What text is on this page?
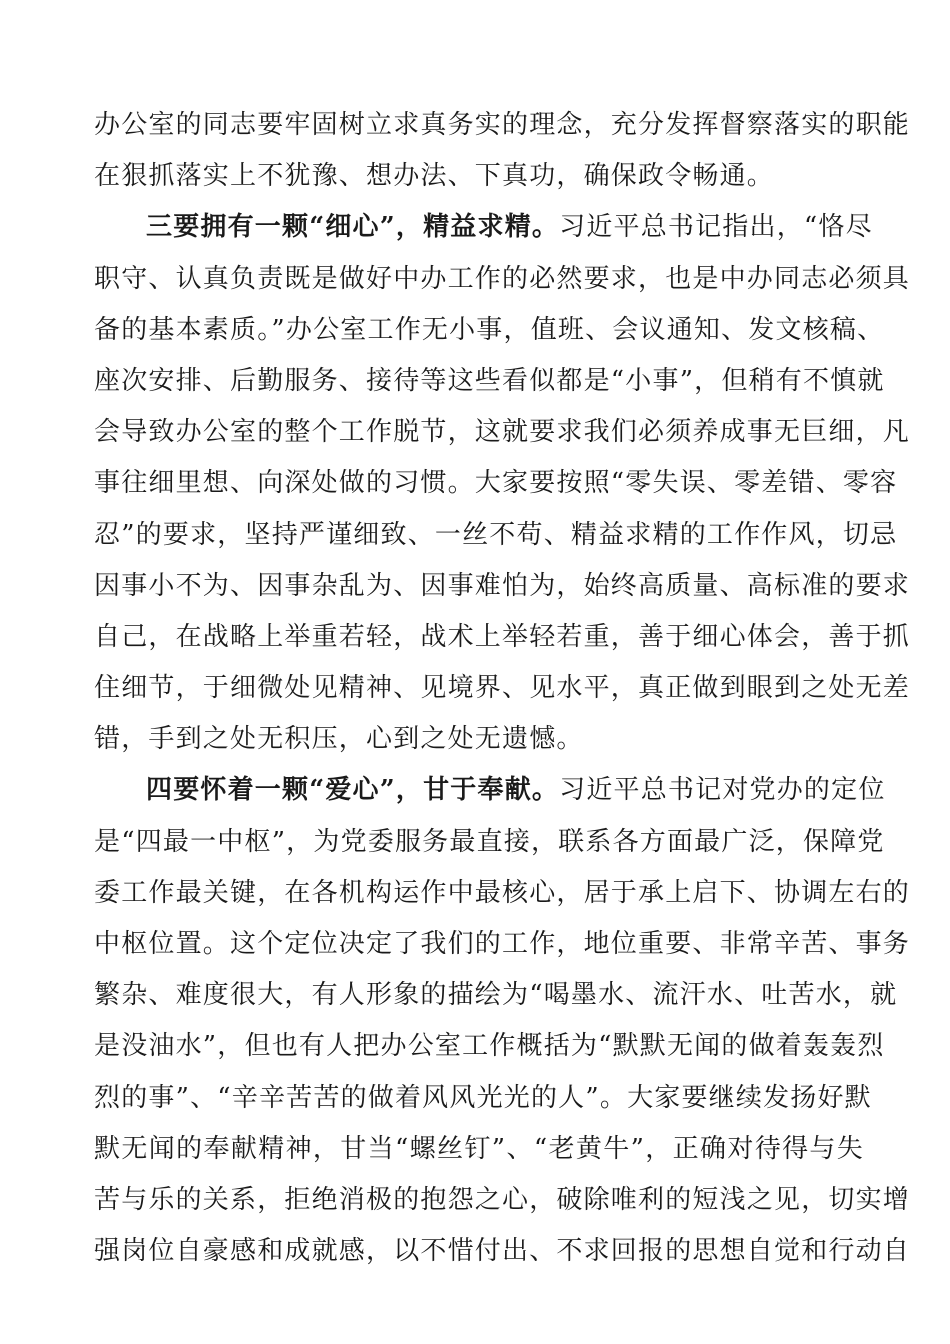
办公室的同志要牢固树立求真务实的理念，充分发挥督察落实的职能

在狠抓落实上不犹豫、想办法、下真功，确保政令畅通。

三要拥有一颗“细心”，精益求精。习近平总书记指出，“恪尽

职守、认真负责既是做好中办工作的必然要求，也是中办同志必须具

备的基本素质。”办公室工作无小事，值班、会议通知、发文核稿、

座次安排、后勤服务、接待等这些看似都是“小事”，但稍有不慎就

会导致办公室的整个工作脱节，这就要求我们必须养成事无巨细，凡

事往细里想、向深处做的习惯。大家要按照“零失误、零差错、零容

忍”的要求，坚持严谨细致、一丝不苟、精益求精的工作作风，切忌

因事小不为、因事杂乱为、因事难怕为，始终高质量、高标准的要求

自己，在战略上举重若轻，战术上举轻若重，善于细心体会，善于抓

住细节，于细微处见精神、见境界、见水平，真正做到眼到之处无差

错，手到之处无积压，心到之处无遗憾。

四要怀着一颗“爱心”，甘于奉献。习近平总书记对党办的定位

是“四最一中枢”，为党委服务最直接，联系各方面最广泛，保障党

委工作最关键，在各机构运作中最核心，居于承上启下、协调左右的

中枢位置。这个定位决定了我们的工作，地位重要、非常辛苦、事务

繁杂、难度很大，有人形象的描绘为“喝墨水、流汗水、吐苦水，就

是没油水”，但也有人把办公室工作概括为“默默无闻的做着轰轰烈

烈的事”、“辛辛苦苦的做着风风光光的人”。大家要继续发扬好默

默无闻的奉献精神，甘当“螺丝钉”、“老黄牛”，正确对待得与失

苦与乐的关系，拒绝消极的抱怨之心，破除唯利的短浅之见，切实增

强岗位自豪感和成就感，以不惜付出、不求回报的思想自觉和行动自
